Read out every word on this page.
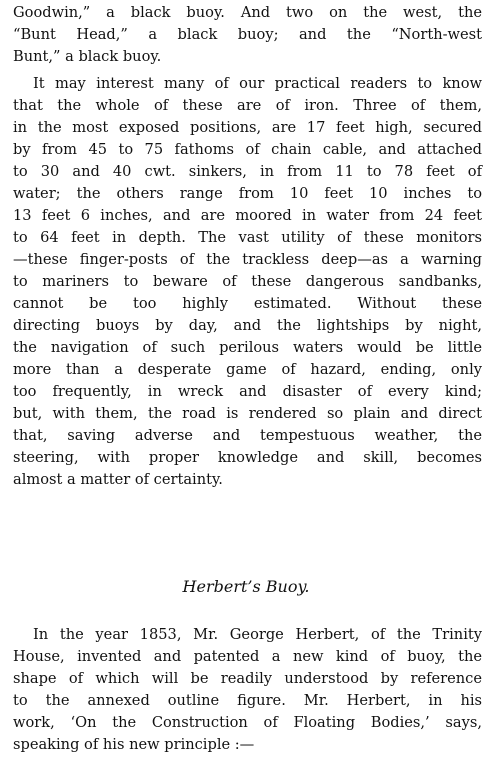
Goodwin,” a black buoy. And two on the west, the
“Bunt Head,” a black buoy; and the “North-west
Bunt,” a black buoy.
It may interest many of our practical readers to know
that the whole of these are of iron. Three of them,
in the most exposed positions, are 17 feet high, secured
by from 45 to 75 fathoms of chain cable, and attached
to 30 and 40 cwt. sinkers, in from 11 to 78 feet of
water; the others range from 10 feet 10 inches to
13 feet 6 inches, and are moored in water from 24 feet
to 64 feet in depth. The vast utility of these monitors
—these finger-posts of the trackless deep—as a warning
to mariners to beware of these dangerous sandbanks,
cannot be too highly estimated. Without these
directing buoys by day, and the lightships by night,
the navigation of such perilous waters would be little
more than a desperate game of hazard, ending, only
too frequently, in wreck and disaster of every kind;
but, with them, the road is rendered so plain and direct
that, saving adverse and tempestuous weather, the
steering, with proper knowledge and skill, becomes
almost a matter of certainty.
Herbert’s Buoy.
In the year 1853, Mr. George Herbert, of the Trinity
House, invented and patented a new kind of buoy, the
shape of which will be readily understood by reference
to the annexed outline figure. Mr. Herbert, in his
work, ‘On the Construction of Floating Bodies,’ says,
speaking of his new principle :—
